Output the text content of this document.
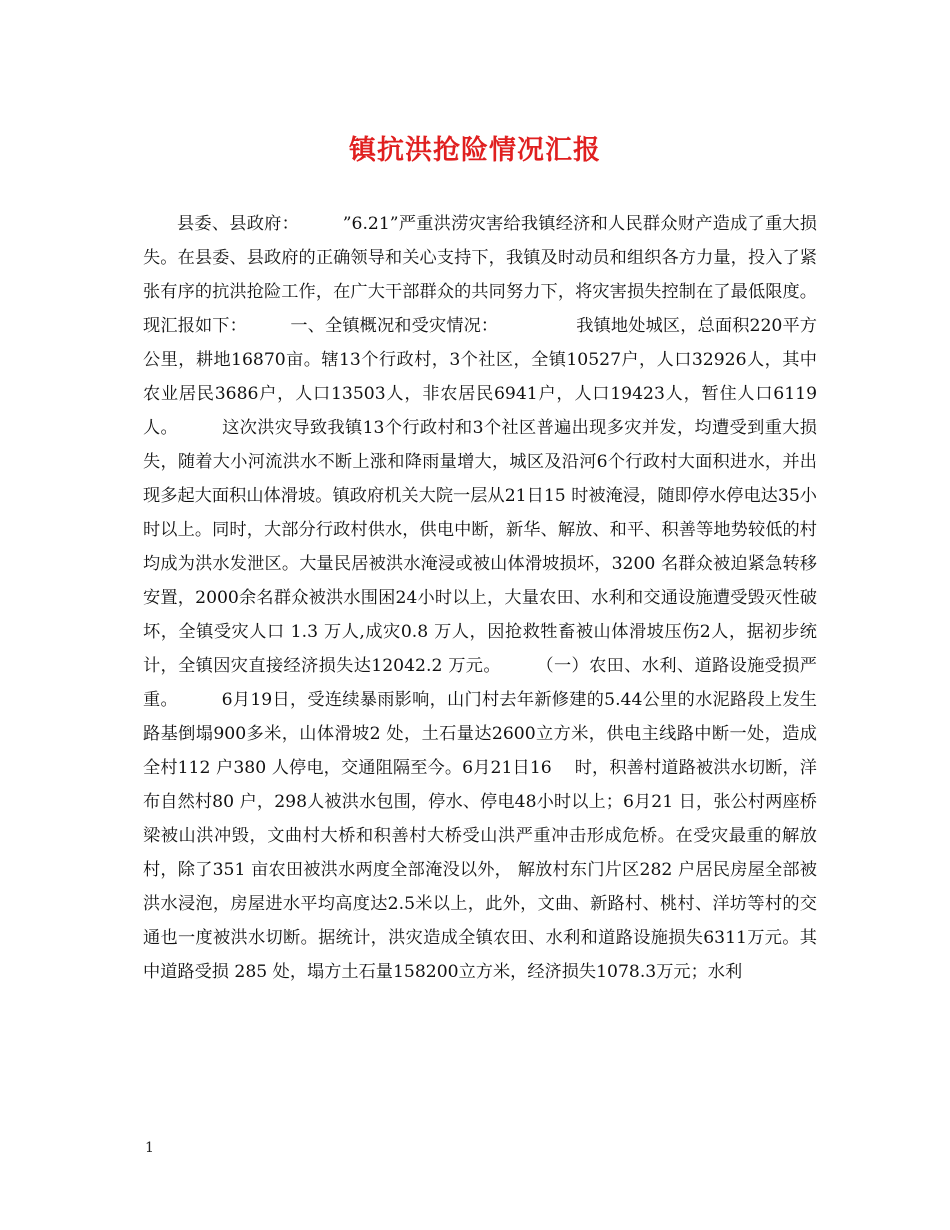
镇抗洪抢险情况汇报

县委、县政府：　　　”6.21”严重洪涝灾害给我镇经济和人民群众财产造成了重大损失。在县委、县政府的正确领导和关心支持下，我镇及时动员和组织各方力量，投入了紧张有序的抗洪抢险工作，在广大干部群众的共同努力下，将灾害损失控制在了最低限度。现汇报如下：　　　一、全镇概况和受灾情况：　　　　　我镇地处城区，总面积220平方公里，耕地16870亩。辖13个行政村，3个社区，全镇10527户，人口32926人，其中农业居民3686户，人口13503人，非农居民6941户，人口19423人，暂住人口6119人。　　　这次洪灾导致我镇13个行政村和3个社区普遍出现多灾并发，均遭受到重大损失，随着大小河流洪水不断上涨和降雨量增大，城区及沿河6个行政村大面积进水，并出现多起大面积山体滑坡。镇政府机关大院一层从21日15 时被淹浸，随即停水停电达35小时以上。同时，大部分行政村供水，供电中断，新华、解放、和平、积善等地势较低的村均成为洪水发泄区。大量民居被洪水淹浸或被山体滑坡损坏，3200 名群众被迫紧急转移安置，2000余名群众被洪水围困24小时以上，大量农田、水利和交通设施遭受毁灭性破坏，全镇受灾人口 1.3 万人,成灾0.8 万人，因抢救牲畜被山体滑坡压伤2人，据初步统计，全镇因灾直接经济损失达12042.2 万元。　　　（一）农田、水利、道路设施受损严重。　　　6月19日，受连续暴雨影响，山门村去年新修建的5.44公里的水泥路段上发生路基倒塌900多米，山体滑坡2 处，土石量达2600立方米，供电主线路中断一处，造成全村112 户380 人停电，交通阻隔至今。6月21日16　 时，积善村道路被洪水切断，洋布自然村80 户，298人被洪水包围，停水、停电48小时以上；6月21 日，张公村两座桥梁被山洪冲毁，文曲村大桥和积善村大桥受山洪严重冲击形成危桥。在受灾最重的解放村，除了351 亩农田被洪水两度全部淹没以外， 解放村东门片区282 户居民房屋全部被洪水浸泡，房屋进水平均高度达2.5米以上，此外，文曲、新路村、桃村、洋坊等村的交通也一度被洪水切断。据统计，洪灾造成全镇农田、水利和道路设施损失6311万元。其中道路受损 285 处，塌方土石量158200立方米，经济损失1078.3万元；水利

1
